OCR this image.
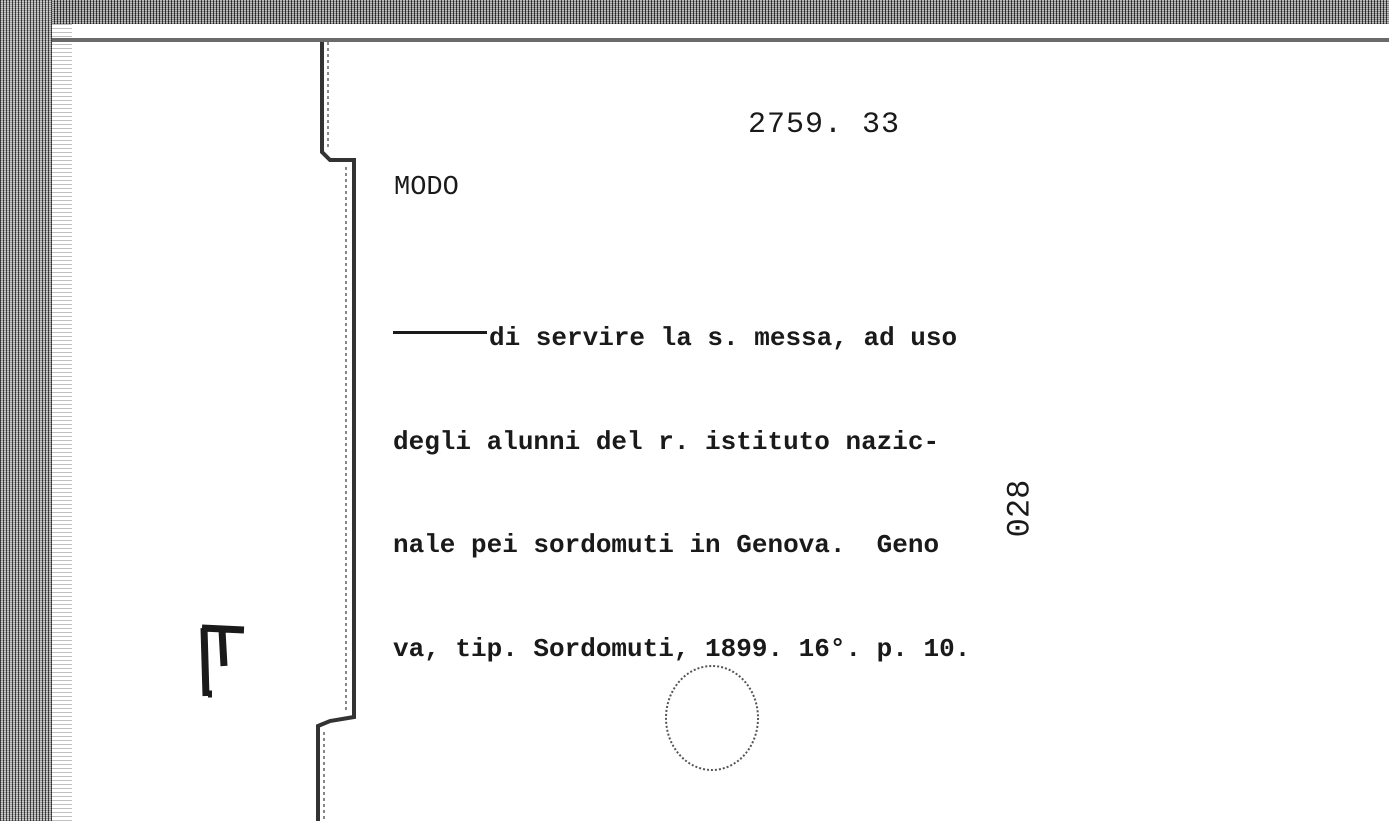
2759. 33
MODO

di servire la s. messa, ad uso

degli alunni del r. istituto nazic-

nale pei sordomuti in Genova.  Geno

va, tip. Sordomuti, 1899. 16°. p. 10.

028
